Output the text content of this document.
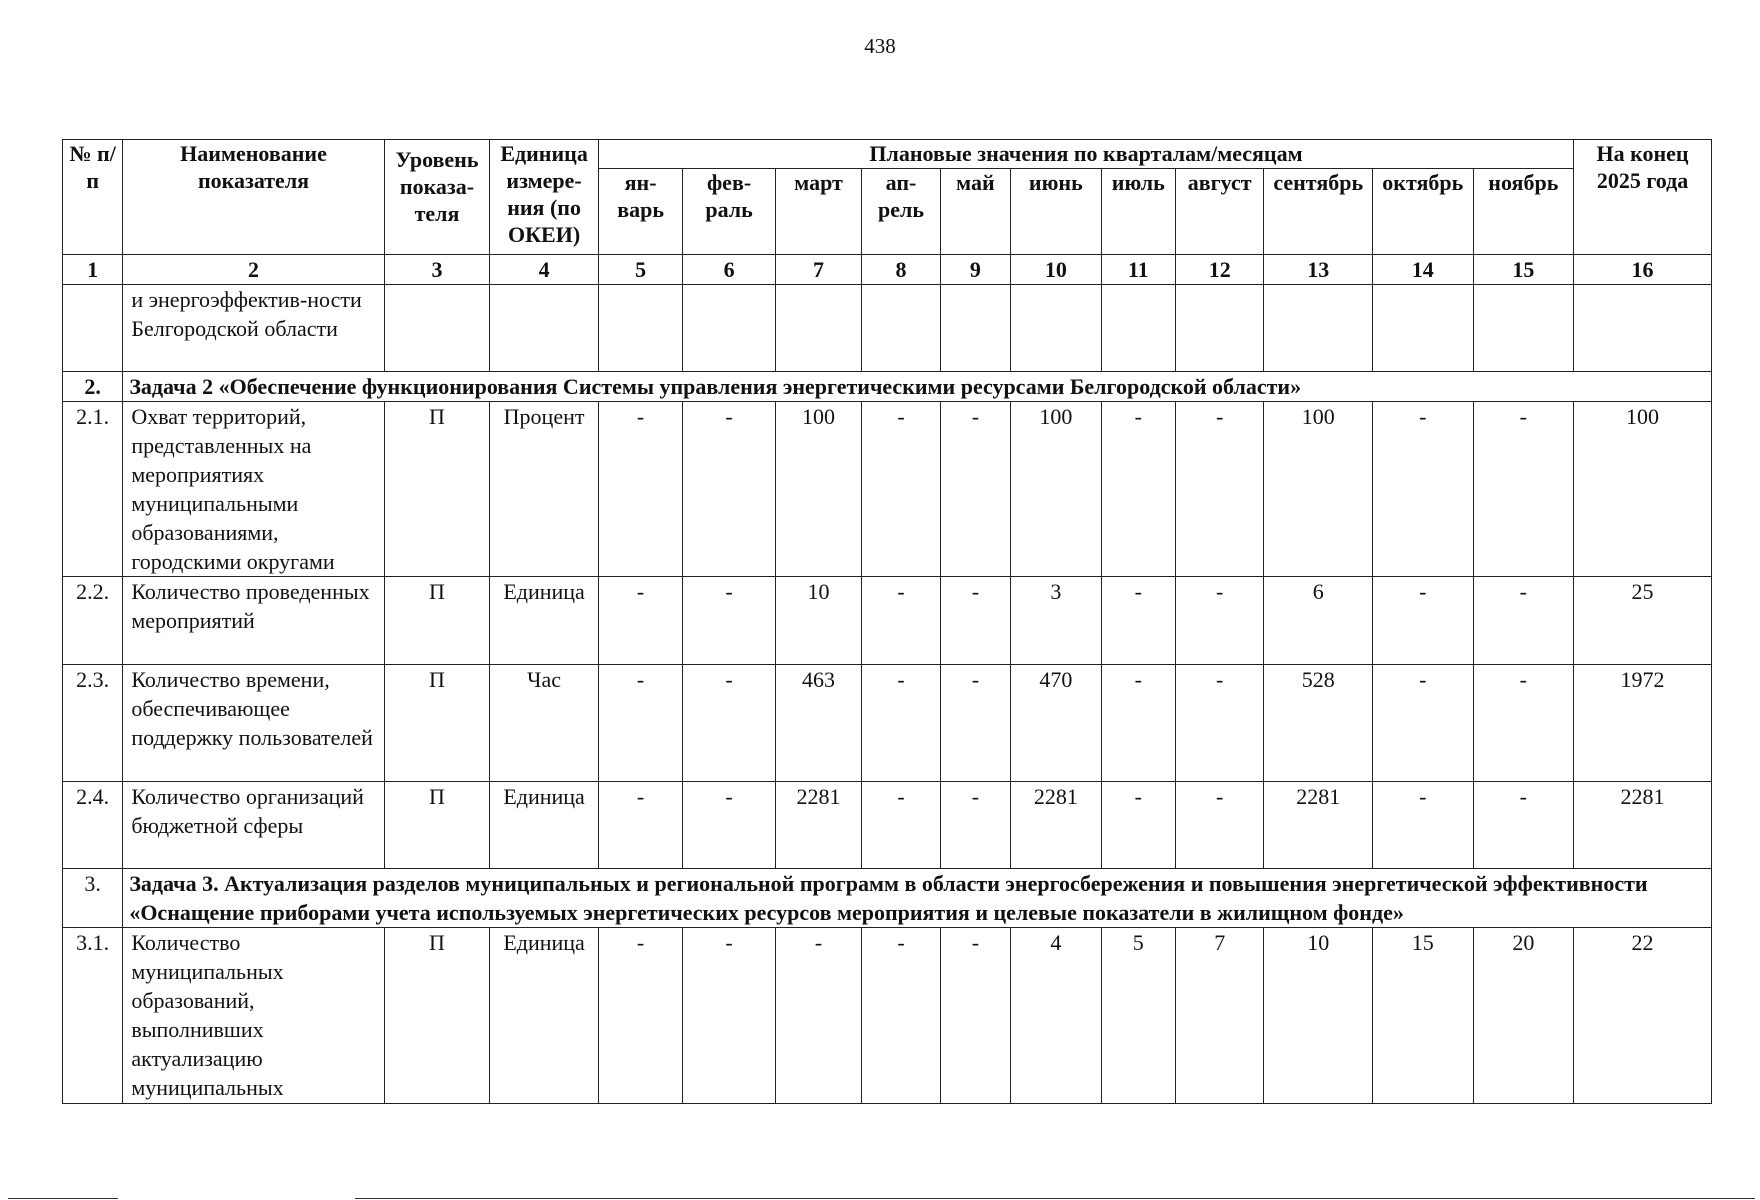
438
№ п/п	Наименование показателя	Уровень показа-теля	Единица измере-ния (по ОКЕИ)	Плановые значения по кварталам/месяцам											На конец 2025 года
				ян-варь	фев-раль	март	ап-рель	май	июнь	июль	август	сентябрь	октябрь	ноябрь	
1	2	3	4	5	6	7	8	9	10	11	12	13	14	15	16
	и энергоэффектив-ности Белгородской области														
2.	Задача 2 «Обеспечение функционирования Системы управления энергетическими ресурсами Белгородской области»														
2.1.	Охват территорий, представленных на мероприятиях муниципальными образованиями, городскими округами	П	Процент	-	-	100	-	-	100	-	-	100	-	-	100
2.2.	Количество проведенных мероприятий	П	Единица	-	-	10	-	-	3	-	-	6	-	-	25
2.3.	Количество времени, обеспечивающее поддержку пользователей	П	Час	-	-	463	-	-	470	-	-	528	-	-	1972
2.4.	Количество организаций бюджетной сферы	П	Единица	-	-	2281	-	-	2281	-	-	2281	-	-	2281
3.	Задача 3. Актуализация разделов муниципальных и региональной программ в области энергосбережения и повышения энергетической эффективности «Оснащение приборами учета используемых энергетических ресурсов мероприятия и целевые показатели в жилищном фонде»														
3.1.	Количество муниципальных образований, выполнивших актуализацию муниципальных	П	Единица	-	-	-	-	-	4	5	7	10	15	20	22
